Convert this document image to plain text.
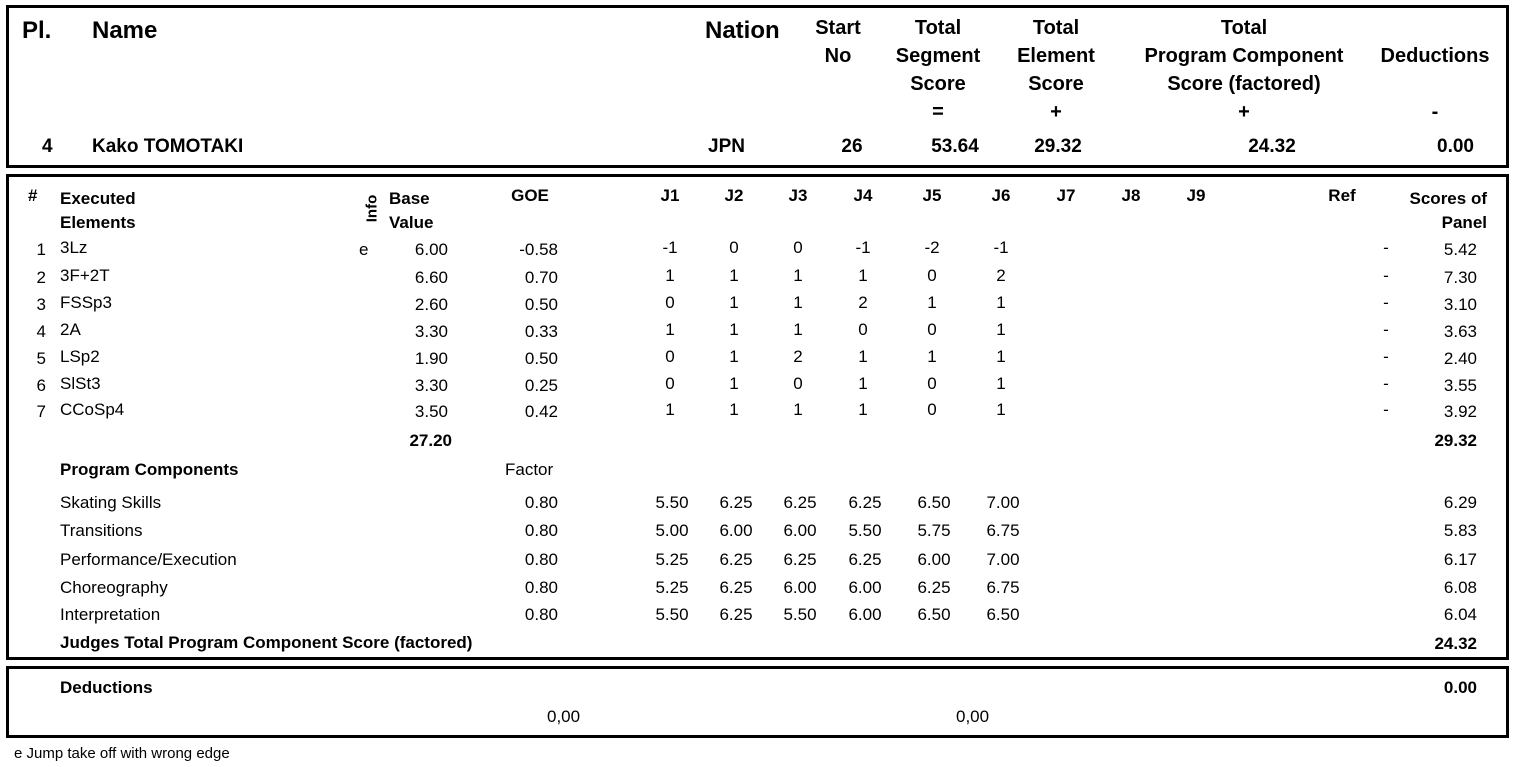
Pl. Name	Nation	Start
No
Total
Segment
Score
=
Total
Element
Score
+
Total
Program Component
Score (factored)
+
Deductions
-
4 Kako TOMOTAKI	JPN	26	53.64	29.32	24.32	0.00
# Executed
Elements
Info Base
Value
GOE	J1	J2	J3	J4	J5	J6	J7	J8	J9	Ref	Scores of
Panel
1 3Lz	e	6.00	-0.58	-1	0	0	-1	-2	-1	-	5.42
2 3F+2T	6.60	0.70	1	1	1	1	0	2	-	7.30
3 FSSp3	2.60	0.50	0	1	1	2	1	1	-	3.10
4 2A	3.30	0.33	1	1	1	0	0	1	-	3.63
5 LSp2	1.90	0.50	0	1	2	1	1	1	-	2.40
6 SlSt3	3.30	0.25	0	1	0	1	0	1	-	3.55
7 CCoSp4	3.50	0.42	1	1	1	1	0	1	-	3.92
27.20	29.32
Program Components	Factor
Skating Skills	0.80	5.50	6.25	6.25	6.25	6.50	7.00	6.29
Transitions	0.80	5.00	6.00	6.00	5.50	5.75	6.75	5.83
Performance/Execution	0.80	5.25	6.25	6.25	6.25	6.00	7.00	6.17
Choreography	0.80	5.25	6.25	6.00	6.00	6.25	6.75	6.08
Interpretation	0.80	5.50	6.25	5.50	6.00	6.50	6.50	6.04
Judges Total Program Component Score (factored)	24.32
Deductions	0.00
0,00	0,00
e Jump take off with wrong edge
